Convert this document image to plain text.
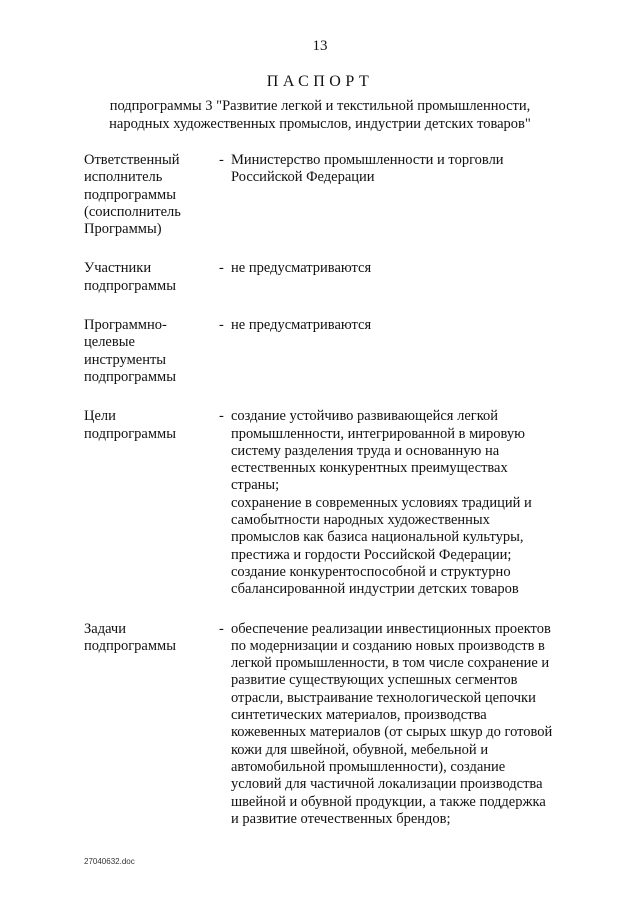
13
ПАСПОРТ
подпрограммы 3 "Развитие легкой и текстильной промышленности,
народных художественных промыслов, индустрии детских товаров"
Ответственный
исполнитель
подпрограммы
(соисполнитель
Программы)
- Министерство промышленности и торговли
Российской Федерации
Участники
подпрограммы
- не предусматриваются
Программно-
целевые
инструменты
подпрограммы
- не предусматриваются
Цели
подпрограммы
- создание устойчиво развивающейся легкой
промышленности, интегрированной в мировую
систему разделения труда и основанную на
естественных конкурентных преимуществах
страны;
сохранение в современных условиях традиций и
самобытности народных художественных
промыслов как базиса национальной культуры,
престижа и гордости Российской Федерации;
создание конкурентоспособной и структурно
сбалансированной индустрии детских товаров
Задачи
подпрограммы
- обеспечение реализации инвестиционных проектов
по модернизации и созданию новых производств в
легкой промышленности, в том числе сохранение и
развитие существующих успешных сегментов
отрасли, выстраивание технологической цепочки
синтетических материалов, производства
кожевенных материалов (от сырых шкур до готовой
кожи для швейной, обувной, мебельной и
автомобильной промышленности), создание
условий для частичной локализации производства
швейной и обувной продукции, а также поддержка
и развитие отечественных брендов;
27040632.doc
